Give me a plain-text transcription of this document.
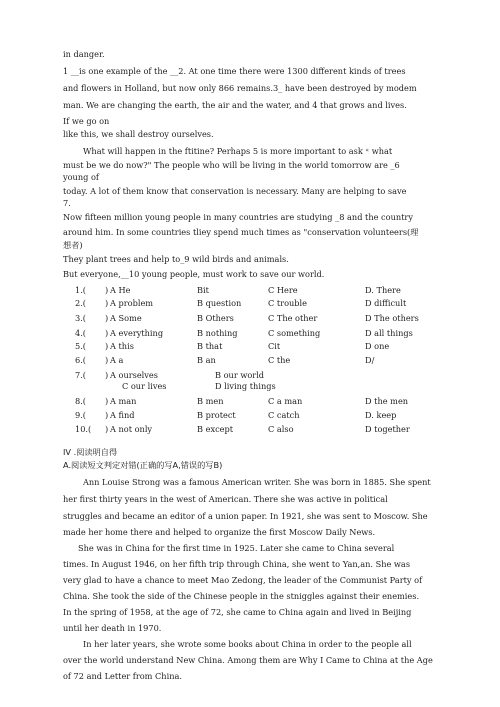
in danger.
1 __is one example of the __2. At one time there were 1300 different kinds of trees
and flowers in Holland, but now only 866 remains.3_ have been destroyed by modem
man. We are changing the earth, the air and the water, and 4 that grows and lives.
If we go on
like this, we shall destroy ourselves.
What will happen in the ftitine? Perhaps 5 is more important to ask « what
must be we do now?" The people who will be living in the world tomorrow are _6
young of
today. A lot of them know that conservation is necessary. Many are helping to save
7.
Now fifteen million young people in many countries are studying _8 and the country
around him. In some countries tliey spend much times as "conservation volunteers(理
想者)
They plant trees and help to_9 wild birds and animals.
But everyone,__10 young people, must work to save our world.
1.( ) A He	Bit	C Here	D. There
2.( ) A problem	B question	C trouble	D difficult
3.( ) A Some	B Others	C The other	D The others
4.( ) A everything	B nothing	C something	D all things
5.( ) A this	B that	Cit	D one
6.( ) A a	B an	C the	D/
7.( ) A ourselves	B our world
C our lives	D living things
8.( ) A man	B men	C a man	D the men
9.( ) A find	B protect	C catch	D. keep
10.( ) A not only	B except	C also	D together
IV .阅读明自得
A.阅读短文判定对错(正确的写A,错误的写B)
Ann Louise Strong was a famous American writer. She was born in 1885. She spent
her first thirty years in the west of American. There she was active in political
struggles and became an editor of a union paper. In 1921, she was sent to Moscow. She
made her home there and helped to organize the first Moscow Daily News.
She was in China for the first time in 1925. Later she came to China several
times. In August 1946, on her fifth trip through China, she went to Yan,an. She was
very glad to have a chance to meet Mao Zedong, the leader of the Communist Party of
China. She took the side of the Chinese people in the stniggles against their enemies.
In the spring of 1958, at the age of 72, she came to China again and lived in Beijing
until her death in 1970.
In her later years, she wrote some books about China in order to the people all
over the world understand New China. Among them are Why I Came to China at the Age
of 72 and Letter from China.
